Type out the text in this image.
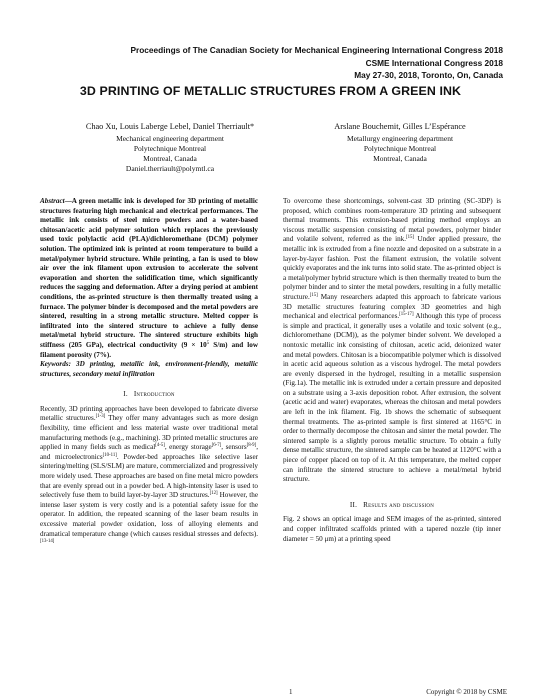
Proceedings of The Canadian Society for Mechanical Engineering International Congress 2018
CSME International Congress 2018
May 27-30, 2018, Toronto, On, Canada
3D PRINTING OF METALLIC STRUCTURES FROM A GREEN INK
Chao Xu, Louis Laberge Lebel, Daniel Therriault*
Mechanical engineering department
Polytechnique Montreal
Montreal, Canada
Daniel.therriault@polymtl.ca
Arslane Bouchemit, Gilles L’Espérance
Metallurgy engineering department
Polytechnique Montreal
Montreal, Canada

Abstract—A green metallic ink is developed for 3D printing of metallic structures featuring high mechanical and electrical performances. The metallic ink consists of steel micro powders and a water-based chitosan/acetic acid polymer solution which replaces the previously used toxic polylactic acid (PLA)/dichloromethane (DCM) polymer solution. The optimized ink is printed at room temperature to build a metal/polymer hybrid structure. While printing, a fan is used to blow air over the ink filament upon extrusion to accelerate the solvent evaporation and shorten the solidification time, which significantly reduces the sagging and deformation. After a drying period at ambient conditions, the as-printed structure is then thermally treated using a furnace. The polymer binder is decomposed and the metal powders are sintered, resulting in a strong metallic structure. Melted copper is infiltrated into the sintered structure to achieve a fully dense metal/metal hybrid structure. The sintered structure exhibits high stiffness (205 GPa), electrical conductivity ($9 \times 10^5$ S/m) and low filament porosity (7%).

Keywords: 3D printing, metallic ink, environment-friendly, metallic structures, secondary metal infiltration

I. Introduction

Recently, 3D printing approaches have been developed to fabricate diverse metallic structures.[1-3] They offer many advantages such as more design flexibility, time efficient and less material waste over traditional metal manufacturing methods (e.g., machining). 3D printed metallic structures are applied in many fields such as medical[4-5], energy storage[6-7], sensors[8-9], and microelectronics[10-11]. Powder-bed approaches like selective laser sintering/melting (SLS/SLM) are mature, commercialized and progressively more widely used. These approaches are based on fine metal micro powders that are evenly spread out in a powder bed. A high-intensity laser is used to selectively fuse them to build layer-by-layer 3D structures.[12] However, the intense laser system is very costly and is a potential safety issue for the operator. In addition, the repeated scanning of the laser beam results in excessive material powder oxidation, loss of alloying elements and dramatical temperature change (which causes residual stresses and defects).[13-14]

To overcome these shortcomings, solvent-cast 3D printing (SC-3DP) is proposed, which combines room-temperature 3D printing and subsequent thermal treatments. This extrusion-based printing method employs an viscous metallic suspension consisting of metal powders, polymer binder and volatile solvent, referred as the ink.[15] Under applied pressure, the metallic ink is extruded from a fine nozzle and deposited on a substrate in a layer-by-layer fashion. Post the filament extrusion, the volatile solvent quickly evaporates and the ink turns into solid state. The as-printed object is a metal/polymer hybrid structure which is then thermally treated to burn the polymer binder and to sinter the metal powders, resulting in a fully metallic structure.[15] Many researchers adapted this approach to fabricate various 3D metallic structures featuring complex 3D geometries and high mechanical and electrical performances.[15-17] Although this type of process is simple and practical, it generally uses a volatile and toxic solvent (e.g., dichloromethane (DCM)), as the polymer binder solvent. We developed a nontoxic metallic ink consisting of chitosan, acetic acid, deionized water and metal powders. Chitosan is a biocompatible polymer which is dissolved in acetic acid aqueous solution as a viscous hydrogel. The metal powders are evenly dispersed in the hydrogel, resulting in a metallic suspension (Fig.1a). The metallic ink is extruded under a certain pressure and deposited on a substrate using a 3-axis deposition robot. After extrusion, the solvent (acetic acid and water) evaporates, whereas the chitosan and metal powders are left in the ink filament. Fig. 1b shows the schematic of subsequent thermal treatments. The as-printed sample is first sintered at 1165°C in order to thermally decompose the chitosan and sinter the metal powder. The sintered sample is a slightly porous metallic structure. To obtain a fully dense metallic structure, the sintered sample can be heated at 1120°C with a piece of copper placed on top of it. At this temperature, the melted copper can infiltrate the sintered structure to achieve a metal/metal hybrid structure.

II. Results and discussion

Fig. 2 shows an optical image and SEM images of the as-printed, sintered and copper infiltrated scaffolds printed with a tapered nozzle (tip inner diameter = 50 μm) at a printing speed

1	Copyright © 2018 by CSME
